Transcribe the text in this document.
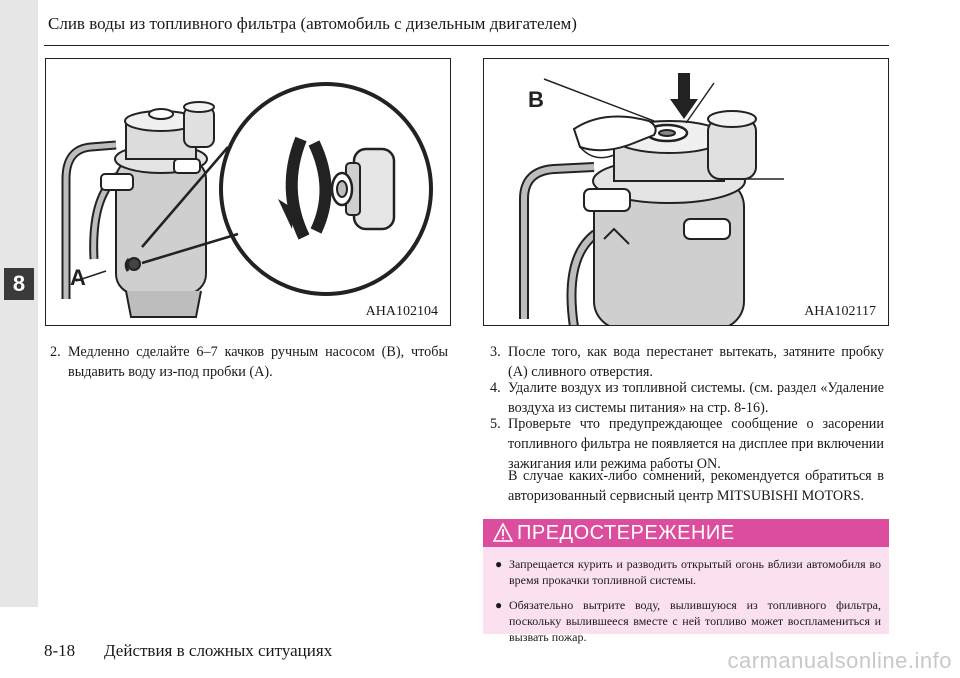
8
Слив воды из топливного фильтра (автомобиль с дизельным двигателем)
A
AHA102104
B
AHA102117
2. Медленно сделайте 6–7 качков ручным насосом (B), чтобы выдавить воду из-под пробки (A).
3. После того, как вода перестанет вытекать, затяните пробку (A) сливного отверстия.
4. Удалите воздух из топливной системы. (см. раздел «Удаление воздуха из системы питания» на стр. 8-16).
5. Проверьте что предупреждающее сообщение о засорении топливного фильтра не появляется на дисплее при включении зажигания или режима работы ON.
В случае каких-либо сомнений, рекомендуется обратиться в авторизованный сервисный центр MITSUBISHI MOTORS.
ПРЕДОСТЕРЕЖЕНИЕ
● Запрещается курить и разводить открытый огонь вблизи автомобиля во время прокачки топливной системы.
● Обязательно вытрите воду, вылившуюся из топливного фильтра, поскольку вылившееся вместе с ней топливо может воспламениться и вызвать пожар.
8-18 Действия в сложных ситуациях	carmanualsonline.info
